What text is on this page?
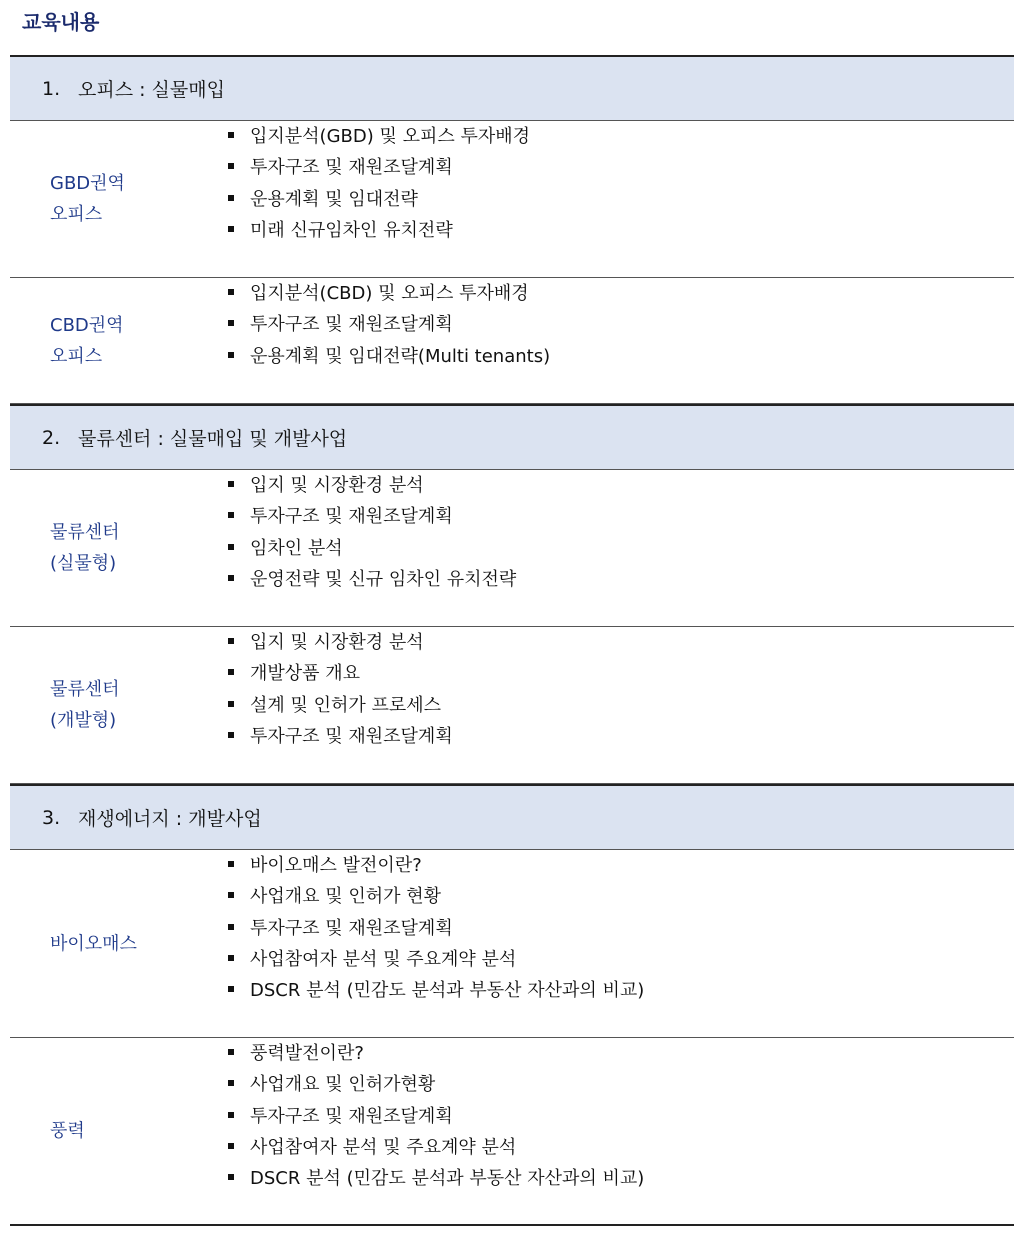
교육내용
1. 오피스 : 실물매입
GBD권역
오피스
입지분석(GBD) 및 오피스 투자배경
투자구조 및 재원조달계획
운용계획 및 임대전략
미래 신규임차인 유치전략
CBD권역
오피스
입지분석(CBD) 및 오피스 투자배경
투자구조 및 재원조달계획
운용계획 및 임대전략(Multi tenants)
2. 물류센터 : 실물매입 및 개발사업
물류센터
(실물형)
입지 및 시장환경 분석
투자구조 및 재원조달계획
임차인 분석
운영전략 및 신규 임차인 유치전략
물류센터
(개발형)
입지 및 시장환경 분석
개발상품 개요
설계 및 인허가 프로세스
투자구조 및 재원조달계획
3. 재생에너지 : 개발사업
바이오매스
바이오매스 발전이란?
사업개요 및 인허가 현황
투자구조 및 재원조달계획
사업참여자 분석 및 주요계약 분석
DSCR 분석 (민감도 분석과 부동산 자산과의 비교)
풍력
풍력발전이란?
사업개요 및 인허가현황
투자구조 및 재원조달계획
사업참여자 분석 및 주요계약 분석
DSCR 분석 (민감도 분석과 부동산 자산과의 비교)
